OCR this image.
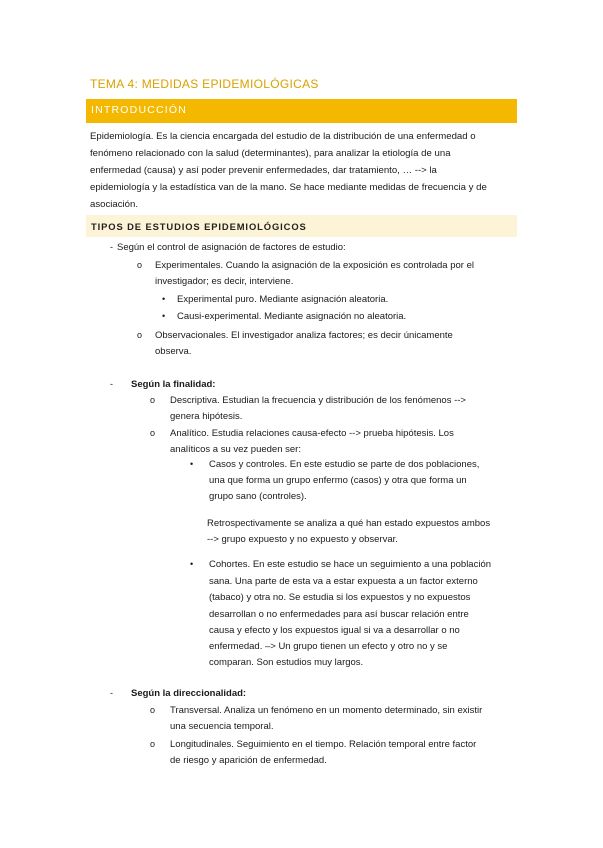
TEMA 4: MEDIDAS EPIDEMIOLÓGICAS
INTRODUCCIÓN
Epidemiología. Es la ciencia encargada del estudio de la distribución de una enfermedad o
fenómeno relacionado con la salud (determinantes), para analizar la etiología de una
enfermedad (causa) y así poder prevenir enfermedades, dar tratamiento, … --> la
epidemiología y la estadística van de la mano. Se hace mediante medidas de frecuencia y de
asociación.
TIPOS DE ESTUDIOS EPIDEMIOLÓGICOS
- Según el control de asignación de factores de estudio:
o Experimentales. Cuando la asignación de la exposición es controlada por el
investigador; es decir, interviene.
• Experimental puro. Mediante asignación aleatoria.
• Causi-experimental. Mediante asignación no aleatoria.
o Observacionales. El investigador analiza factores; es decir únicamente
observa.
- Según la finalidad:
o Descriptiva. Estudian la frecuencia y distribución de los fenómenos -->
genera hipótesis.
o Analítico. Estudia relaciones causa-efecto --> prueba hipótesis. Los
analíticos a su vez pueden ser:
• Casos y controles. En este estudio se parte de dos poblaciones,
una que forma un grupo enfermo (casos) y otra que forma un
grupo sano (controles).
Retrospectivamente se analiza a qué han estado expuestos ambos
--> grupo expuesto y no expuesto y observar.
• Cohortes. En este estudio se hace un seguimiento a una población
sana. Una parte de esta va a estar expuesta a un factor externo
(tabaco) y otra no. Se estudia si los expuestos y no expuestos
desarrollan o no enfermedades para así buscar relación entre
causa y efecto y los expuestos igual si va a desarrollar o no
enfermedad. –> Un grupo tienen un efecto y otro no y se
comparan. Son estudios muy largos.
- Según la direccionalidad:
o Transversal. Analiza un fenómeno en un momento determinado, sin existir
una secuencia temporal.
o Longitudinales. Seguimiento en el tiempo. Relación temporal entre factor
de riesgo y aparición de enfermedad.
